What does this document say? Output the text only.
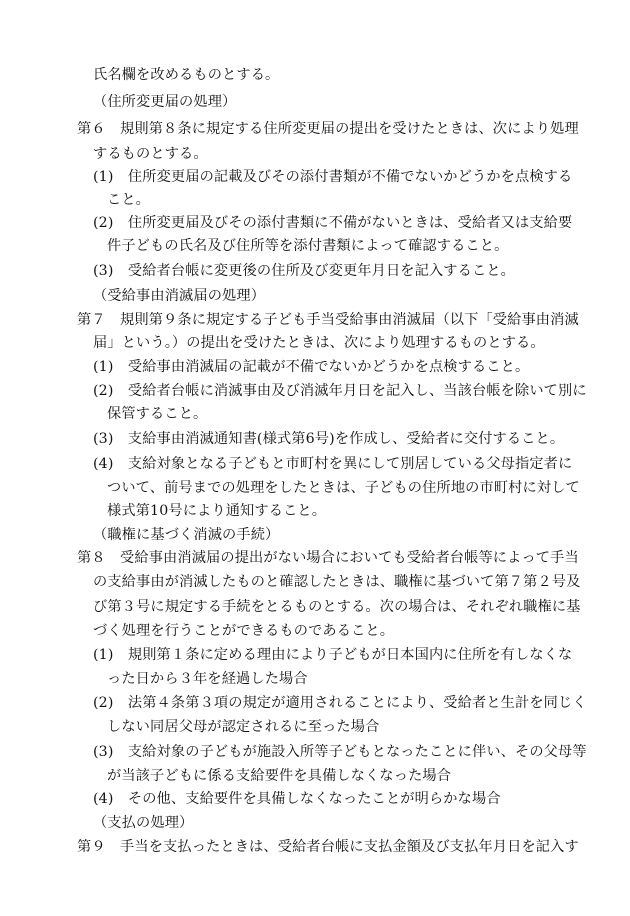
氏名欄を改めるものとする。
（住所変更届の処理）
第６　規則第８条に規定する住所変更届の提出を受けたときは、次により処理
するものとする。
(1)　住所変更届の記載及びその添付書類が不備でないかどうかを点検する
こと。
(2)　住所変更届及びその添付書類に不備がないときは、受給者又は支給要
件子どもの氏名及び住所等を添付書類によって確認すること。
(3)　受給者台帳に変更後の住所及び変更年月日を記入すること。
（受給事由消滅届の処理）
第７　規則第９条に規定する子ども手当受給事由消滅届（以下「受給事由消滅
届」という。）の提出を受けたときは、次により処理するものとする。
(1)　受給事由消滅届の記載が不備でないかどうかを点検すること。
(2)　受給者台帳に消滅事由及び消滅年月日を記入し、当該台帳を除いて別に
保管すること。
(3)　支給事由消滅通知書(様式第6号)を作成し、受給者に交付すること。
(4)　支給対象となる子どもと市町村を異にして別居している父母指定者に
ついて、前号までの処理をしたときは、子どもの住所地の市町村に対して
様式第10号により通知すること。
（職権に基づく消滅の手続）
第８　受給事由消滅届の提出がない場合においても受給者台帳等によって手当
の支給事由が消滅したものと確認したときは、職権に基づいて第７第２号及
び第３号に規定する手続をとるものとする。次の場合は、それぞれ職権に基
づく処理を行うことができるものであること。
(1)　規則第１条に定める理由により子どもが日本国内に住所を有しなくな
った日から３年を経過した場合
(2)　法第４条第３項の規定が適用されることにより、受給者と生計を同じく
しない同居父母が認定されるに至った場合
(3)　支給対象の子どもが施設入所等子どもとなったことに伴い、その父母等
が当該子どもに係る支給要件を具備しなくなった場合
(4)　その他、支給要件を具備しなくなったことが明らかな場合
（支払の処理）
第９　手当を支払ったときは、受給者台帳に支払金額及び支払年月日を記入す
